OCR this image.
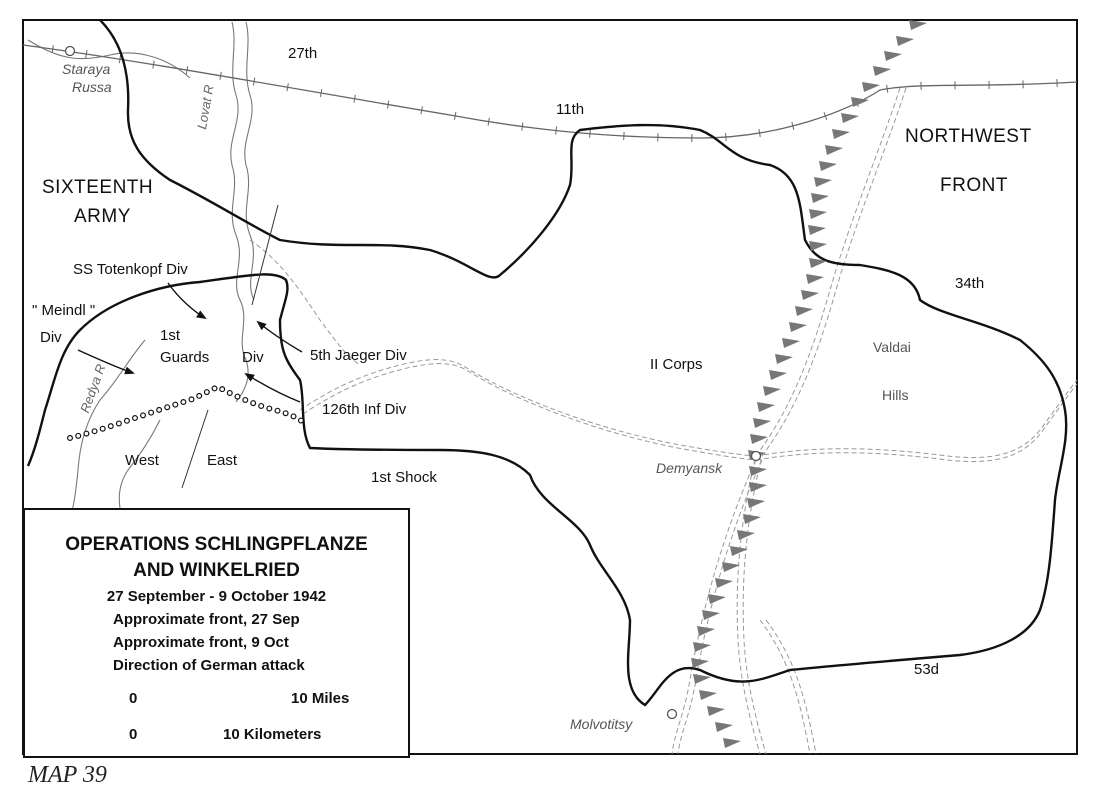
SIXTEENTH
ARMY
NORTHWEST
FRONT
27th
11th
34th
1st Shock
53d
SS Totenkopf Div
" Meindl "
Div	1st
Guards Div	5th Jaeger Div
126th Inf Div
II Corps
West	East
Staraya
Russa
Demyansk
Molvotitsy
Lovat R
Redya R
Valdai
Hills
OPERATIONS SCHLINGPFLANZE
AND WINKELRIED
27 September - 9 October 1942
Approximate front, 27 Sep
Approximate front, 9 Oct
Direction of German attack
0	10 Miles
0	10 Kilometers
MAP 39
